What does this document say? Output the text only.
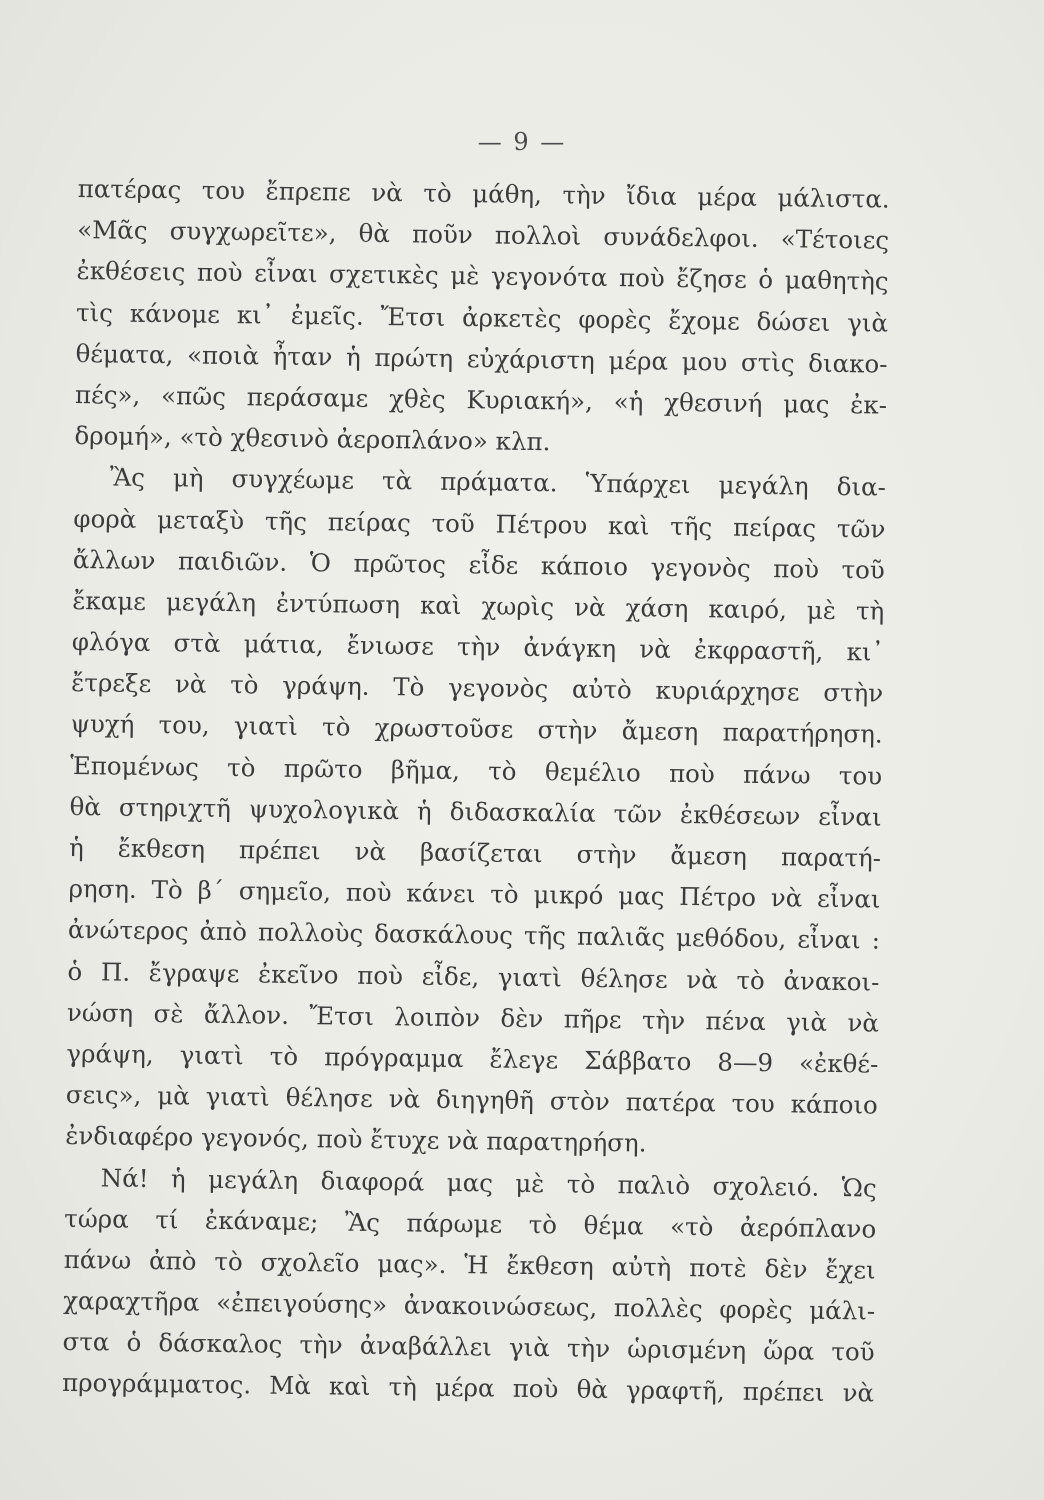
— 9 —
πατέρας του ἔπρεπε νὰ τὸ μάθη, τὴν ἴδια μέρα μάλιστα.
«Μᾶς συγχωρεῖτε», θὰ ποῦν πολλοὶ συνάδελφοι. «Τέτοιες
ἐκθέσεις ποὺ εἶναι σχετικὲς μὲ γεγονότα ποὺ ἔζησε ὁ μαθητὴς
τὶς κάνομε κι᾽ ἐμεῖς. Ἔτσι ἀρκετὲς φορὲς ἔχομε δώσει γιὰ
θέματα, «ποιὰ ἦταν ἡ πρώτη εὐχάριστη μέρα μου στὶς διακο-
πές», «πῶς περάσαμε χθὲς Κυριακή», «ἡ χθεσινή μας ἐκ-
δρομή», «τὸ χθεσινὸ ἀεροπλάνο» κλπ.
Ἂς μὴ συγχέωμε τὰ πράματα. Ὑπάρχει μεγάλη δια-
φορὰ μεταξὺ τῆς πείρας τοῦ Πέτρου καὶ τῆς πείρας τῶν
ἄλλων παιδιῶν. Ὁ πρῶτος εἶδε κάποιο γεγονὸς ποὺ τοῦ
ἔκαμε μεγάλη ἐντύπωση καὶ χωρὶς νὰ χάση καιρό, μὲ τὴ
φλόγα στὰ μάτια, ἔνιωσε τὴν ἀνάγκη νὰ ἐκφραστῆ, κι᾽
ἔτρεξε νὰ τὸ γράψη. Τὸ γεγονὸς αὐτὸ κυριάρχησε στὴν
ψυχή του, γιατὶ τὸ χρωστοῦσε στὴν ἄμεση παρατήρηση.
Ἑπομένως τὸ πρῶτο βῆμα, τὸ θεμέλιο ποὺ πάνω του
θὰ στηριχτῆ ψυχολογικὰ ἡ διδασκαλία τῶν ἐκθέσεων εἶναι
ἡ ἔκθεση πρέπει νὰ βασίζεται στὴν ἄμεση παρατή-
ρηση. Τὸ β´ σημεῖο, ποὺ κάνει τὸ μικρό μας Πέτρο νὰ εἶναι
ἀνώτερος ἀπὸ πολλοὺς δασκάλους τῆς παλιᾶς μεθόδου, εἶναι :
ὁ Π. ἔγραψε ἐκεῖνο ποὺ εἶδε, γιατὶ θέλησε νὰ τὸ ἀνακοι-
νώση σὲ ἄλλον. Ἔτσι λοιπὸν δὲν πῆρε τὴν πένα γιὰ νὰ
γράψη, γιατὶ τὸ πρόγραμμα ἔλεγε Σάββατο 8—9 «ἐκθέ-
σεις», μὰ γιατὶ θέλησε νὰ διηγηθῆ στὸν πατέρα του κάποιο
ἐνδιαφέρο γεγονός, ποὺ ἔτυχε νὰ παρατηρήση.
Νά! ἡ μεγάλη διαφορά μας μὲ τὸ παλιὸ σχολειό. Ὡς
τώρα τί ἐκάναμε; Ἂς πάρωμε τὸ θέμα «τὸ ἀερόπλανο
πάνω ἀπὸ τὸ σχολεῖο μας». Ἡ ἔκθεση αὐτὴ ποτὲ δὲν ἔχει
χαραχτῆρα «ἐπειγούσης» ἀνακοινώσεως, πολλὲς φορὲς μάλι-
στα ὁ δάσκαλος τὴν ἀναβάλλει γιὰ τὴν ὡρισμένη ὥρα τοῦ
προγράμματος. Μὰ καὶ τὴ μέρα ποὺ θὰ γραφτῆ, πρέπει νὰ
